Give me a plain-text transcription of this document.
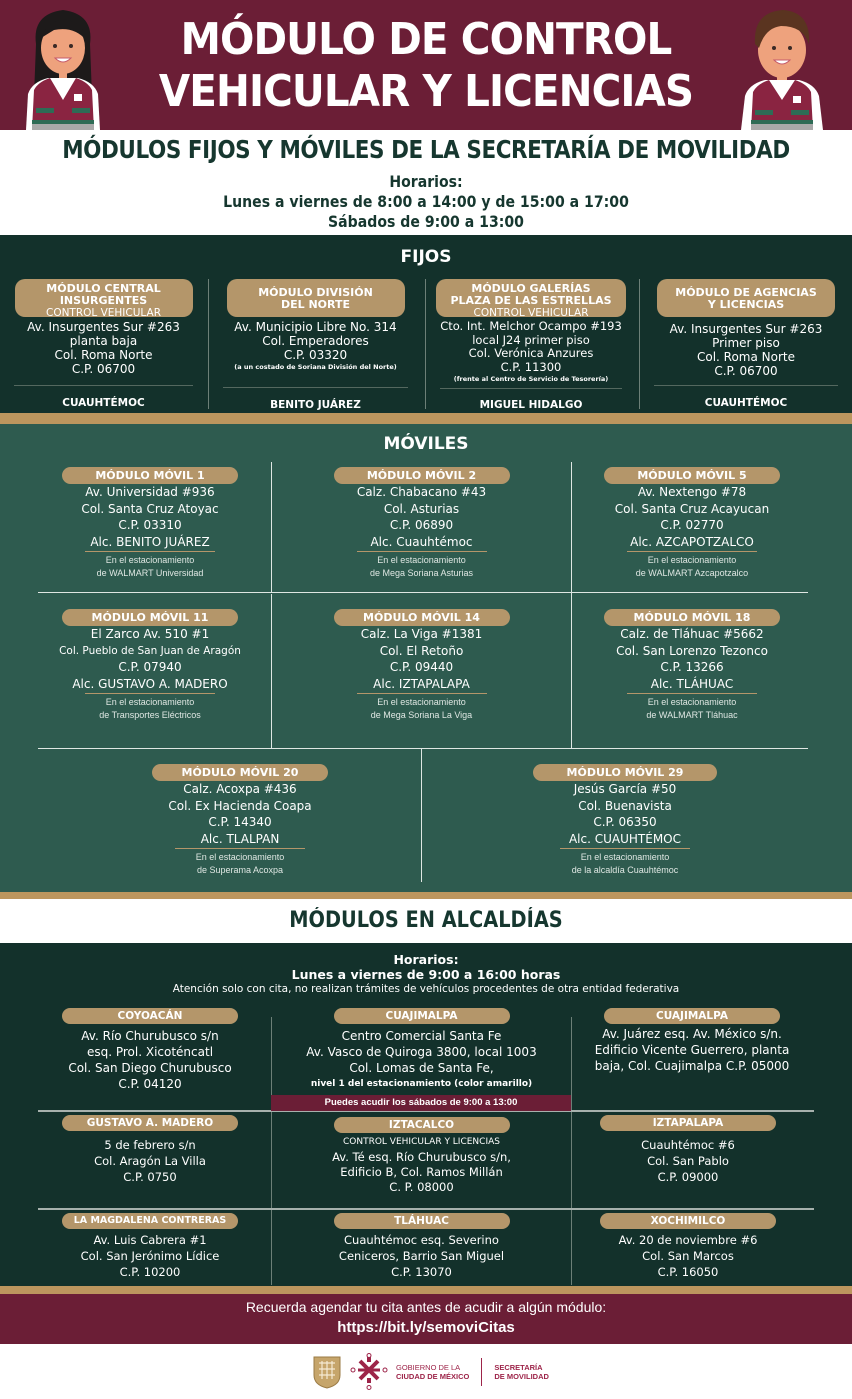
MÓDULO DE CONTROL
VEHICULAR Y LICENCIAS
MÓDULOS FIJOS Y MÓVILES DE LA SECRETARÍA DE MOVILIDAD
Horarios:
Lunes a viernes de 8:00 a 14:00 y de 15:00 a 17:00
Sábados de 9:00 a 13:00
FIJOS
MÓDULO CENTRAL
INSURGENTES
CONTROL VEHICULAR
Av. Insurgentes Sur #263
planta baja
Col. Roma Norte
C.P. 06700
CUAUHTÉMOC
MÓDULO DIVISIÓN
DEL NORTE
Av. Municipio Libre No. 314
Col. Emperadores
C.P. 03320
(a un costado de Soriana División del Norte)
BENITO JUÁREZ
MÓDULO GALERÍAS
PLAZA DE LAS ESTRELLAS
CONTROL VEHICULAR
Cto. Int. Melchor Ocampo #193
local J24 primer piso
Col. Verónica Anzures
C.P. 11300
(frente al Centro de Servicio de Tesorería)
MIGUEL HIDALGO
MÓDULO DE AGENCIAS
Y LICENCIAS
Av. Insurgentes Sur #263
Primer piso
Col. Roma Norte
C.P. 06700
CUAUHTÉMOC
MÓVILES
MÓDULO MÓVIL 1
Av. Universidad #936
Col. Santa Cruz Atoyac
C.P. 03310
Alc. BENITO JUÁREZ
En el estacionamiento
de WALMART Universidad
MÓDULO MÓVIL 2
Calz. Chabacano #43
Col. Asturias
C.P. 06890
Alc. Cuauhtémoc
En el estacionamiento
de Mega Soriana Asturias
MÓDULO MÓVIL 5
Av. Nextengo #78
Col. Santa Cruz Acayucan
C.P. 02770
Alc. AZCAPOTZALCO
En el estacionamiento
de WALMART Azcapotzalco
MÓDULO MÓVIL 11
El Zarco Av. 510 #1
Col. Pueblo de San Juan de Aragón
C.P. 07940
Alc. GUSTAVO A. MADERO
En el estacionamiento
de Transportes Eléctricos
MÓDULO MÓVIL 14
Calz. La Viga #1381
Col. El Retoño
C.P. 09440
Alc. IZTAPALAPA
En el estacionamiento
de Mega Soriana La Viga
MÓDULO MÓVIL 18
Calz. de Tláhuac #5662
Col. San Lorenzo Tezonco
C.P. 13266
Alc. TLÁHUAC
En el estacionamiento
de WALMART Tláhuac
MÓDULO MÓVIL 20
Calz. Acoxpa #436
Col. Ex Hacienda Coapa
C.P. 14340
Alc. TLALPAN
En el estacionamiento
de Superama Acoxpa
MÓDULO MÓVIL 29
Jesús García #50
Col. Buenavista
C.P. 06350
Alc. CUAUHTÉMOC
En el estacionamiento
de la alcaldía Cuauhtémoc
MÓDULOS EN ALCALDÍAS
Horarios:
Lunes a viernes de 9:00 a 16:00 horas
Atención solo con cita, no realizan trámites de vehículos procedentes de otra entidad federativa
COYOACÁN
Av. Río Churubusco s/n
esq. Prol. Xicoténcatl
Col. San Diego Churubusco
C.P. 04120
CUAJIMALPA
Centro Comercial Santa Fe
Av. Vasco de Quiroga 3800, local 1003
Col. Lomas de Santa Fe,
nivel 1 del estacionamiento (color amarillo)
Puedes acudir los sábados de 9:00 a 13:00
CUAJIMALPA
Av. Juárez esq. Av. México s/n.
Edificio Vicente Guerrero, planta
baja, Col. Cuajimalpa C.P. 05000
GUSTAVO A. MADERO
5 de febrero s/n
Col. Aragón La Villa
C.P. 0750
IZTACALCO
CONTROL VEHICULAR Y LICENCIAS
Av. Té esq. Río Churubusco s/n,
Edificio B, Col. Ramos Millán
C. P. 08000
IZTAPALAPA
Cuauhtémoc #6
Col. San Pablo
C.P. 09000
LA MAGDALENA CONTRERAS
Av. Luis Cabrera #1
Col. San Jerónimo Lídice
C.P. 10200
TLÁHUAC
Cuauhtémoc esq. Severino
Ceniceros, Barrio San Miguel
C.P. 13070
XOCHIMILCO
Av. 20 de noviembre #6
Col. San Marcos
C.P. 16050
Recuerda agendar tu cita antes de acudir a algún módulo:
https://bit.ly/semoviCitas
GOBIERNO DE LA
CIUDAD DE MÉXICO
SECRETARÍA
DE MOVILIDAD
